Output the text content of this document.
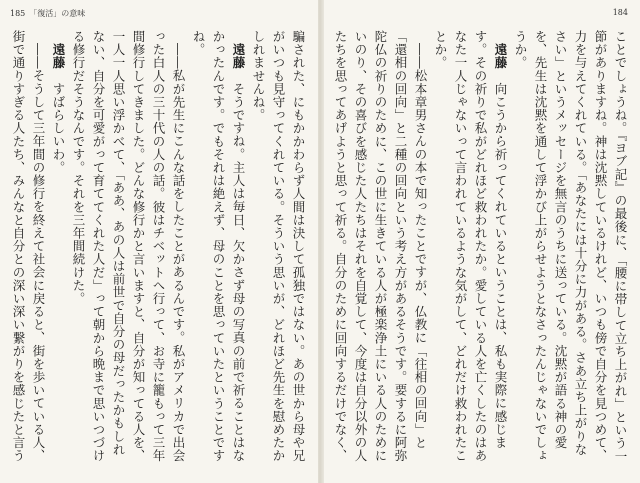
184

ことでしょうね。『ヨブ記』の最後に、「腰に帯して立ち上がれ」という一節がありますね。神は沈黙しているけれど、いつも傍で自分を見つめて、力を与えてくれている。「あなたには十分に力がある。さあ立ち上がりなさい」というメッセージを無言のうちに送っている。沈黙が語る神の愛を、先生は沈黙を通して浮かび上がらせようとなさったんじゃないでしょうか。

遠藤　向こうから祈ってくれているということは、私も実際に感じます。その祈りで私がどれほど救われたか。愛している人を亡くしたのはあなた一人じゃないって言われているような気がして、どれだけ救われたことか。

――松本章男さんの本で知ったことですが、仏教に「往相の回向」と「還相の回向」と二種の回向という考え方があるそうです。要するに阿弥陀仏の祈りのために、この世に生きている人が極楽浄土にいる人のためにいのり、その喜びを感じた人たちはそれを自覚して、今度は自分以外の人たちを思ってあげようと思って祈る。自分のために回向するだけでなく、

185　 「復活」の意味

騙された、にもかかわらず人間は決して孤独ではない。あの世から母や兄がいつも見守ってくれている。そういう思いが、どれほど先生を慰めたかしれませんね。

遠藤　そうですね。主人は毎日、欠かさず母の写真の前で祈ることはなかったんです。でもそれは絶えず、母のことを思っていたということですね。

――私が先生にこんな話をしたことがあるんです。私がアメリカで出会った白人の三十代の人の話。彼はチベットへ行って、お寺に籠もって三年間修行してきました。どんな修行かと言いますと、自分が知ってる人を、一人一人思い浮かべて、「ああ、あの人は前世で自分の母だったかもしれない、自分を可愛がって育ててくれた人だ」って朝から晩まで思いつづける修行だそうなんです。それを三年間続けた。

遠藤　すばらしいわ。

――そうして三年間の修行を終えて社会に戻ると、街を歩いている人、街で通りすぎる人たち、みんなと自分との深い深い繋がりを感じたと言う
